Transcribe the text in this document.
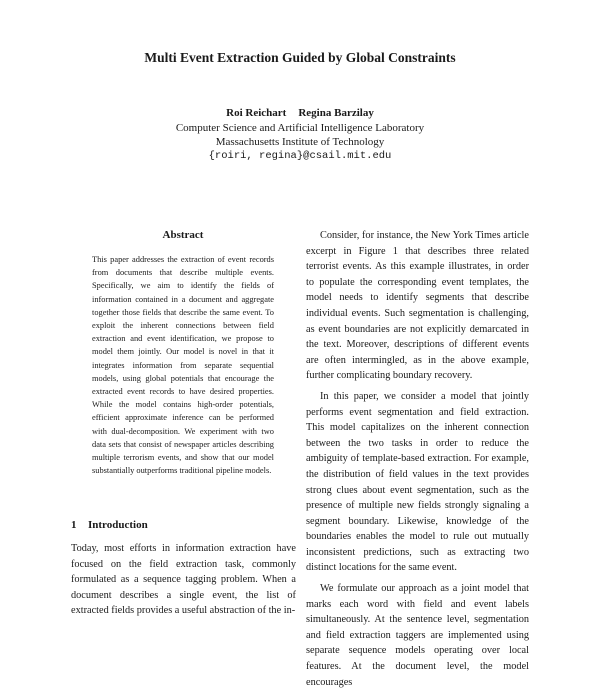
Multi Event Extraction Guided by Global Constraints
Roi Reichart Regina Barzilay
Computer Science and Artificial Intelligence Laboratory
Massachusetts Institute of Technology
{roiri, regina}@csail.mit.edu
Abstract

This paper addresses the extraction of event records from documents that describe multiple events. Specifically, we aim to identify the fields of information contained in a document and aggregate together those fields that describe the same event. To exploit the inherent connections between field extraction and event identification, we propose to model them jointly. Our model is novel in that it integrates information from separate sequential models, using global potentials that encourage the extracted event records to have desired properties. While the model contains high-order potentials, efficient approximate inference can be performed with dual-decomposition. We experiment with two data sets that consist of newspaper articles describing multiple terrorism events, and show that our model substantially outperforms traditional pipeline models.

1 Introduction

Today, most efforts in information extraction have focused on the field extraction task, commonly formulated as a sequence tagging problem. When a document describes a single event, the list of extracted fields provides a useful abstraction of the in-

Consider, for instance, the New York Times article excerpt in Figure 1 that describes three related terrorist events. As this example illustrates, in order to populate the corresponding event templates, the model needs to identify segments that describe individual events. Such segmentation is challenging, as event boundaries are not explicitly demarcated in the text. Moreover, descriptions of different events are often intermingled, as in the above example, further complicating boundary recovery.

In this paper, we consider a model that jointly performs event segmentation and field extraction. This model capitalizes on the inherent connection between the two tasks in order to reduce the ambiguity of template-based extraction. For example, the distribution of field values in the text provides strong clues about event segmentation, such as the presence of multiple new fields strongly signaling a segment boundary. Likewise, knowledge of the boundaries enables the model to rule out mutually inconsistent predictions, such as extracting two distinct locations for the same event.

We formulate our approach as a joint model that marks each word with field and event labels simultaneously. At the sentence level, segmentation and field extraction taggers are implemented using separate sequence models operating over local features. At the document level, the model encourages
